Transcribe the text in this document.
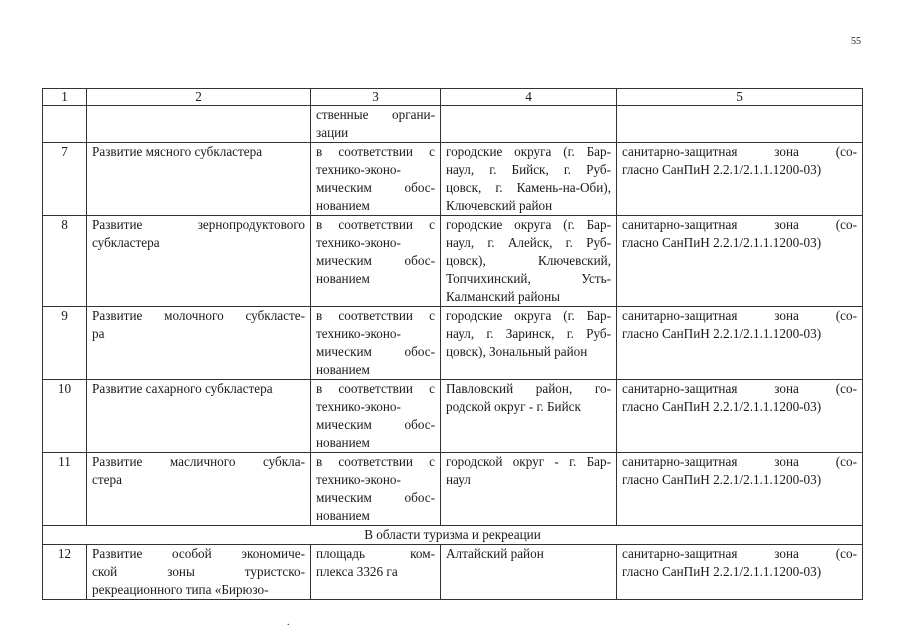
55
1	2	3	4	5

		ственные органи-
зации		

7	Развитие мясного субкластера	в соответствии с
технико-эконо-
мическим обос-
нованием	городские округа (г. Бар-
наул, г. Бийск, г. Руб-
цовск, г. Камень-на-Оби),
Ключевский район	санитарно-защитная зона (со-
гласно СанПиН 2.2.1/2.1.1.1200-03)

8	Развитие зернопродуктового
субкластера	в соответствии с
технико-эконо-
мическим обос-
нованием	городские округа (г. Бар-
наул, г. Алейск, г. Руб-
цовск), Ключевский,
Топчихинский, Усть-
Калманский районы	санитарно-защитная зона (со-
гласно СанПиН 2.2.1/2.1.1.1200-03)

9	Развитие молочного субкласте-
ра	в соответствии с
технико-эконо-
мическим обос-
нованием	городские округа (г. Бар-
наул, г. Заринск, г. Руб-
цовск), Зональный район	санитарно-защитная зона (со-
гласно СанПиН 2.2.1/2.1.1.1200-03)

10	Развитие сахарного субкластера	в соответствии с
технико-эконо-
мическим обос-
нованием	Павловский район, го-
родской округ - г. Бийск	санитарно-защитная зона (со-
гласно СанПиН 2.2.1/2.1.1.1200-03)

11	Развитие масличного субкла-
стера	в соответствии с
технико-эконо-
мическим обос-
нованием	городской округ - г. Бар-
наул	санитарно-защитная зона (со-
гласно СанПиН 2.2.1/2.1.1.1200-03)

В области туризма и рекреации				
12	Развитие особой экономиче-
ской зоны туристско-
рекреационного типа «Бирюзо-	площадь ком-
плекса 3326 га	Алтайский район	санитарно-защитная зона (со-
гласно СанПиН 2.2.1/2.1.1.1200-03)
.
